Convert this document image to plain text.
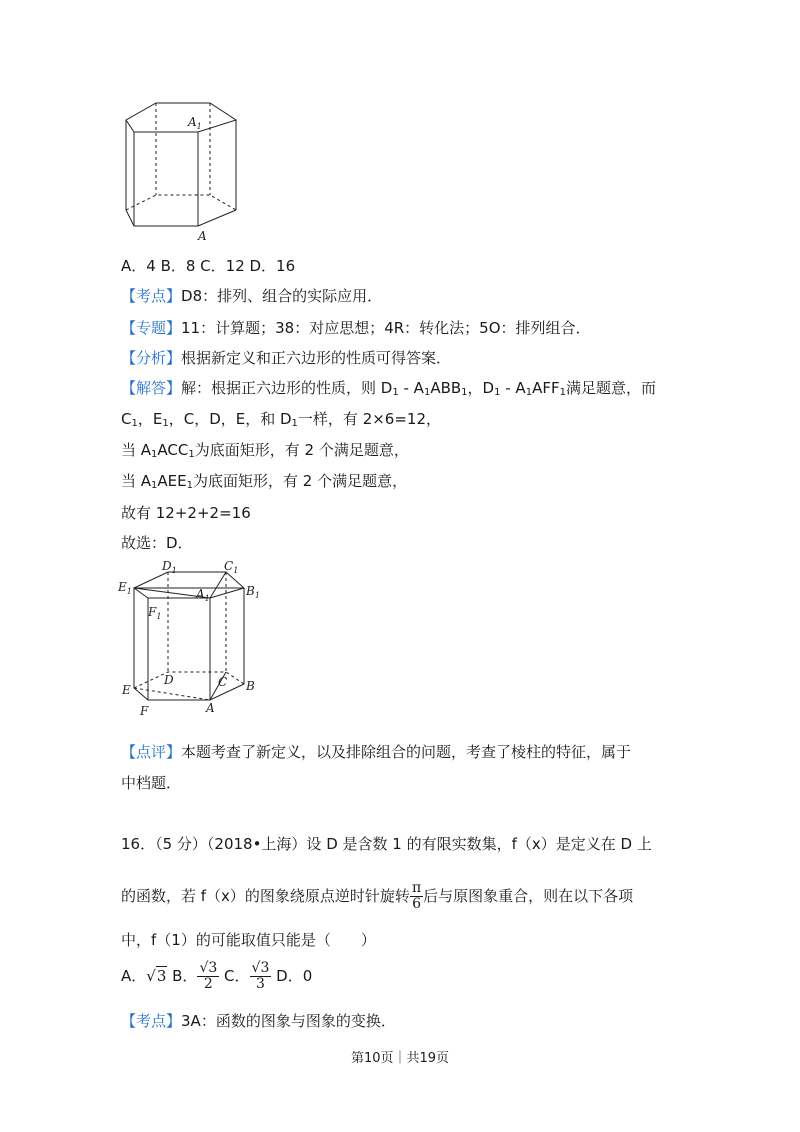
$A_1$
A
A．4 B．8 C．12 D．16
【考点】D8：排列、组合的实际应用．
【专题】11：计算题；38：对应思想；4R：转化法；5O：排列组合．
【分析】根据新定义和正六边形的性质可得答案．
【解答】解：根据正六边形的性质，则 $D_1 - A_1ABB_1$，$D_1 - A_1AFF_1$满足题意，而
$C_1$，$E_1$，C，D，E，和 $D_1$一样，有 2×6=12，
当 $A_1ACC_1$为底面矩形，有 2 个满足题意，
当 $A_1AEE_1$为底面矩形，有 2 个满足题意，
故有 12+2+2=16
故选：D．
$D_1$	$C_1$
$E_1$	$B_1$
$A_1$
$F_1$
D	C
E	B
F	A
【点评】本题考查了新定义，以及排除组合的问题，考查了棱柱的特征，属于
中档题．
16．（5 分）（2018•上海）设 D 是含数 1 的有限实数集，f（x）是定义在 D 上
的函数，若 f（x）的图象绕原点逆时针旋转 $\frac{\pi}{6}$ 后与原图象重合，则在以下各项
中，f（1）的可能取值只能是（　　）
A．√3 B． $\frac{√3}{2}$ C． $\frac{√3}{3}$ D．0
【考点】3A：函数的图象与图象的变换．
第10页｜共19页
